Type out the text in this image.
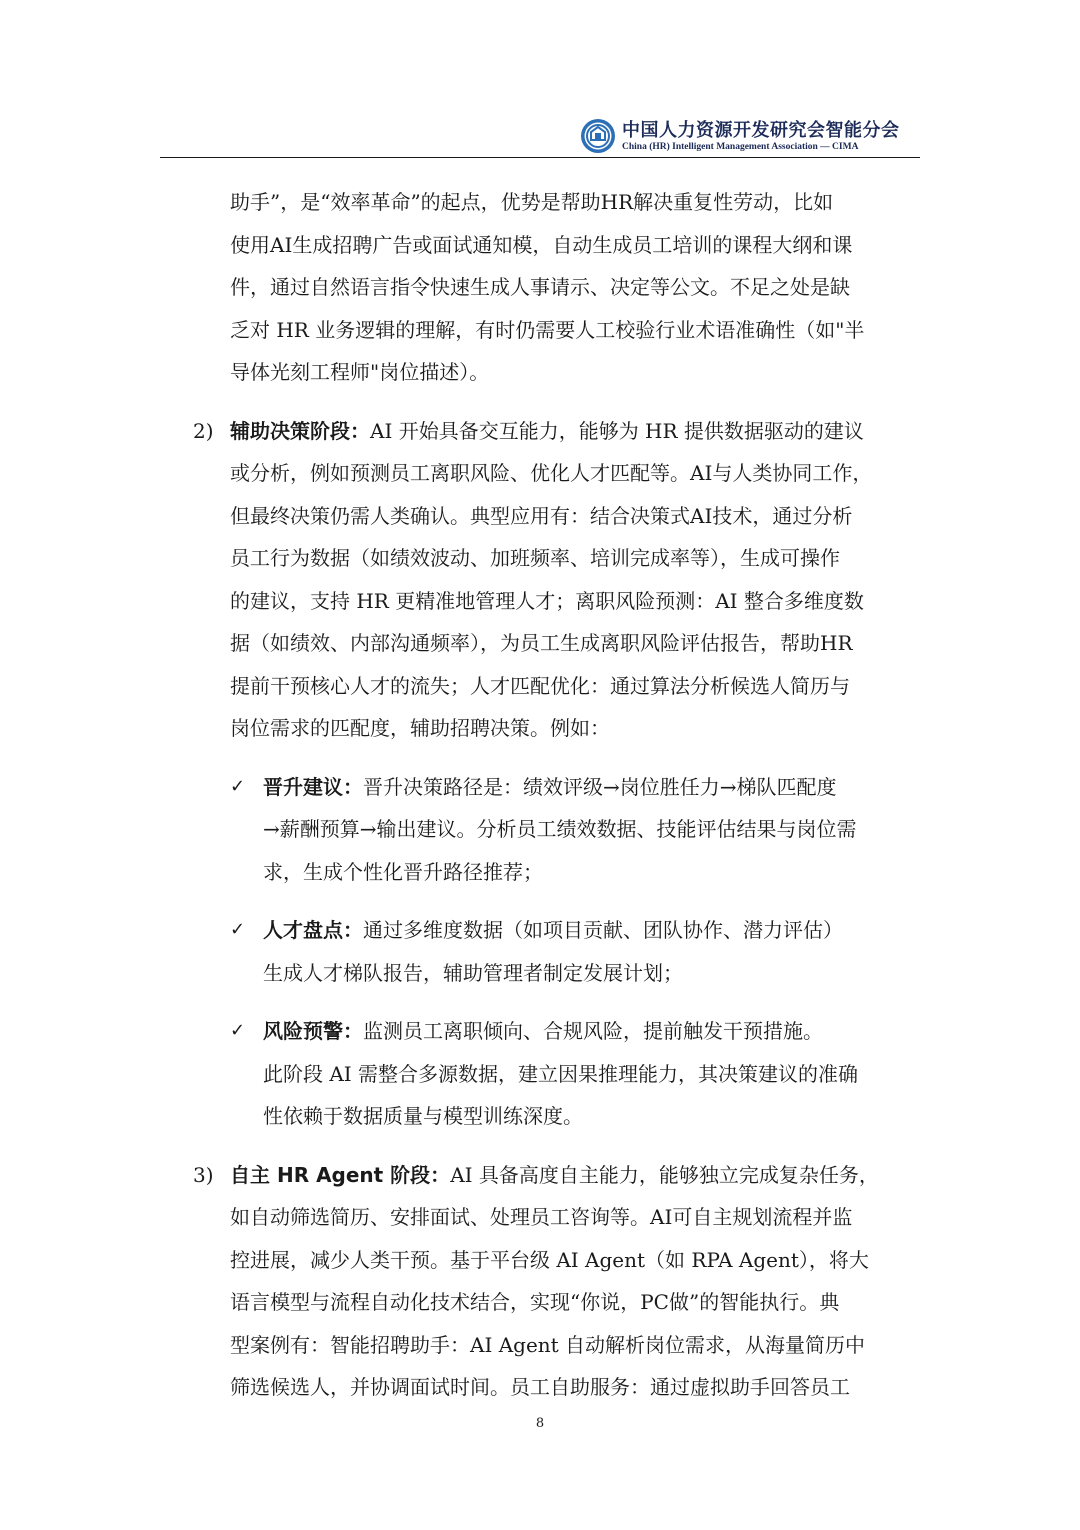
中国人力资源开发研究会智能分会
China (HR) Intelligent Management Association — CIMA
助手”，是“效率革命”的起点，优势是帮助HR解决重复性劳动，比如
使用AI生成招聘广告或面试通知模，自动生成员工培训的课程大纲和课
件，通过自然语言指令快速生成人事请示、决定等公文。不足之处是缺
乏对 HR 业务逻辑的理解，有时仍需要人工校验行业术语准确性（如"半
导体光刻工程师"岗位描述）。
2) 辅助决策阶段：AI 开始具备交互能力，能够为 HR 提供数据驱动的建议
或分析，例如预测员工离职风险、优化人才匹配等。AI与人类协同工作，
但最终决策仍需人类确认。典型应用有：结合决策式AI技术，通过分析
员工行为数据（如绩效波动、加班频率、培训完成率等），生成可操作
的建议，支持 HR 更精准地管理人才；离职风险预测：AI 整合多维度数
据（如绩效、内部沟通频率），为员工生成离职风险评估报告，帮助HR
提前干预核心人才的流失；人才匹配优化：通过算法分析候选人简历与
岗位需求的匹配度，辅助招聘决策。例如：
✓ 晋升建议：晋升决策路径是：绩效评级→岗位胜任力→梯队匹配度
→薪酬预算→输出建议。分析员工绩效数据、技能评估结果与岗位需
求，生成个性化晋升路径推荐；
✓ 人才盘点：通过多维度数据（如项目贡献、团队协作、潜力评估）
生成人才梯队报告，辅助管理者制定发展计划；
✓ 风险预警：监测员工离职倾向、合规风险，提前触发干预措施。
此阶段 AI 需整合多源数据，建立因果推理能力，其决策建议的准确
性依赖于数据质量与模型训练深度。
3) 自主 HR Agent 阶段：AI 具备高度自主能力，能够独立完成复杂任务，
如自动筛选简历、安排面试、处理员工咨询等。AI可自主规划流程并监
控进展，减少人类干预。基于平台级 AI Agent（如 RPA Agent），将大
语言模型与流程自动化技术结合，实现“你说，PC做”的智能执行。典
型案例有：智能招聘助手：AI Agent 自动解析岗位需求，从海量简历中
筛选候选人，并协调面试时间。员工自助服务：通过虚拟助手回答员工
8
